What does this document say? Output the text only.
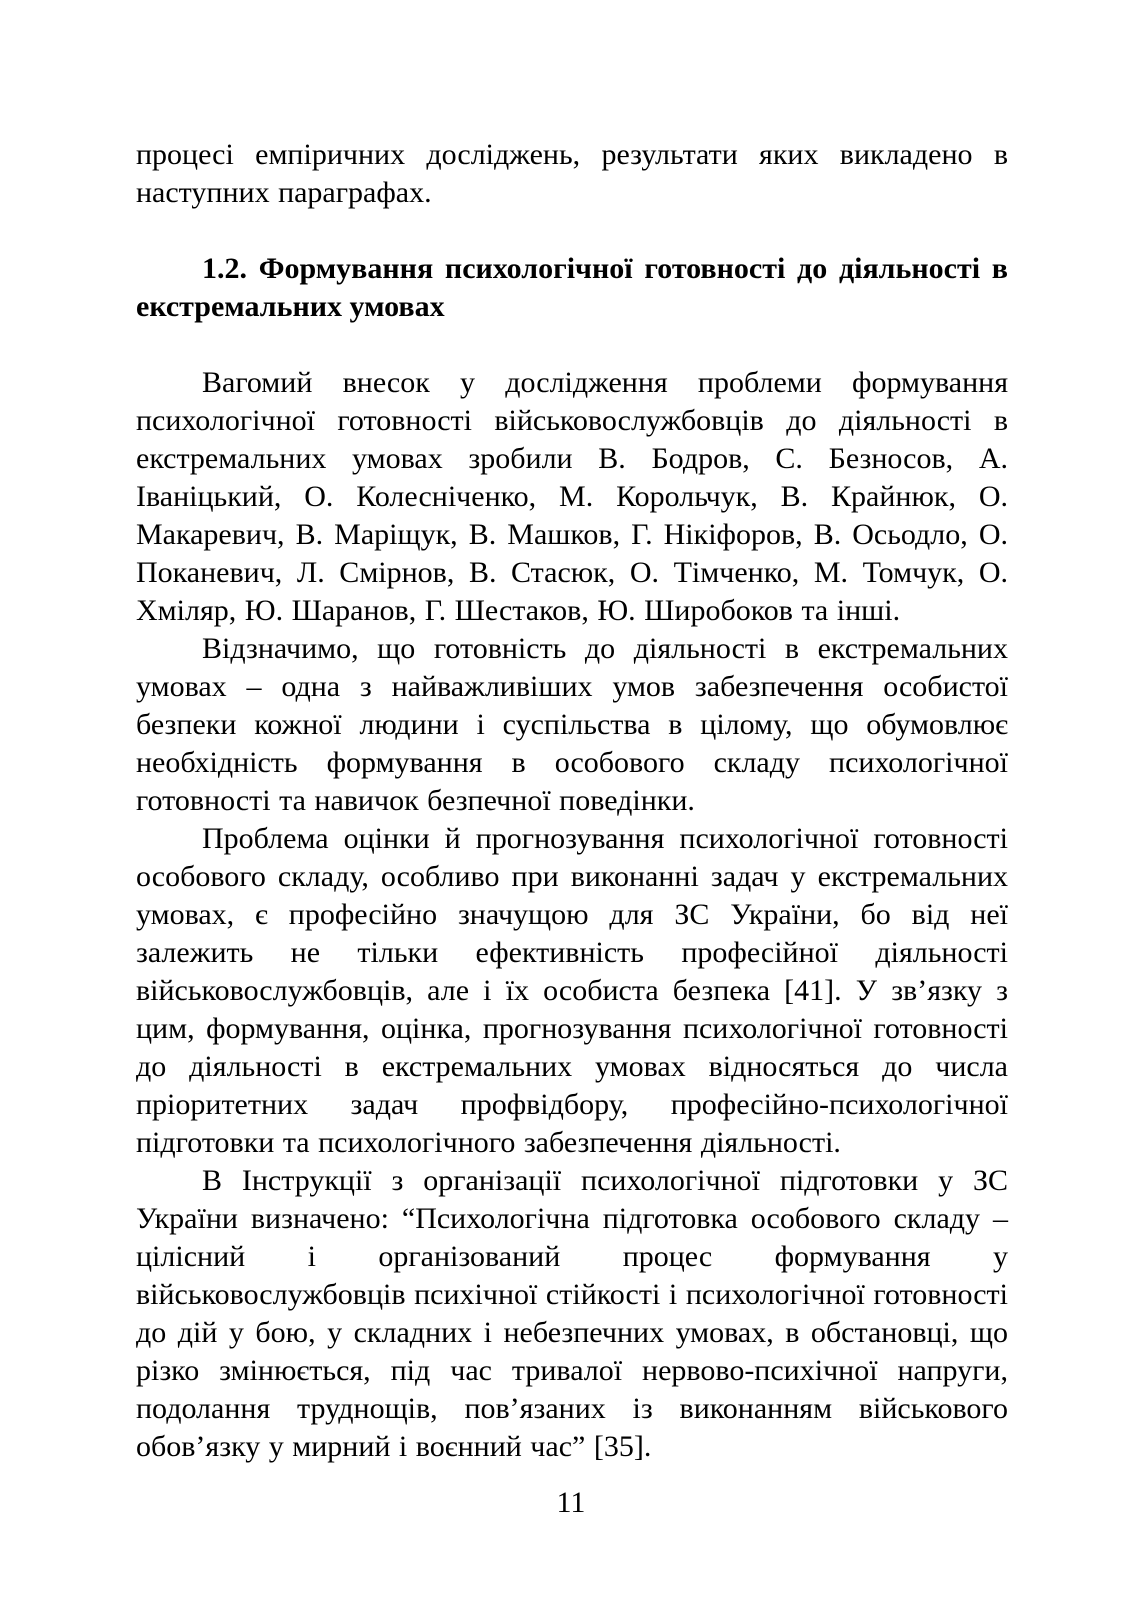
процесі емпіричних досліджень, результати яких викладено в наступних параграфах.

1.2. Формування психологічної готовності до діяльності в екстремальних умовах

Вагомий внесок у дослідження проблеми формування психологічної готовності військовослужбовців до діяльності в екстремальних умовах зробили В. Бодров, С. Безносов, А. Іваніцький, О. Колесніченко, М. Корольчук, В. Крайнюк, О. Макаревич, В. Маріщук, В. Машков, Г. Нікіфоров, В. Осьодло, О. Поканевич, Л. Смірнов, В. Стасюк, О. Тімченко, М. Томчук, О. Хміляр, Ю. Шаранов, Г. Шестаков, Ю. Широбоков та інші.

Відзначимо, що готовність до діяльності в екстремальних умовах – одна з найважливіших умов забезпечення особистої безпеки кожної людини і суспільства в цілому, що обумовлює необхідність формування в особового складу психологічної готовності та навичок безпечної поведінки.

Проблема оцінки й прогнозування психологічної готовності особового складу, особливо при виконанні задач у екстремальних умовах, є професійно значущою для ЗС України, бо від неї залежить не тільки ефективність професійної діяльності військовослужбовців, але і їх особиста безпека [41]. У зв’язку з цим, формування, оцінка, прогнозування психологічної готовності до діяльності в екстремальних умовах відносяться до числа пріоритетних задач профвідбору, професійно-психологічної підготовки та психологічного забезпечення діяльності.

В Інструкції з організації психологічної підготовки у ЗС України визначено: “Психологічна підготовка особового складу – цілісний і організований процес формування у військовослужбовців психічної стійкості і психологічної готовності до дій у бою, у складних і небезпечних умовах, в обстановці, що різко змінюється, під час тривалої нервово-психічної напруги, подолання труднощів, пов’язаних із виконанням військового обов’язку у мирний і воєнний час” [35].

11
